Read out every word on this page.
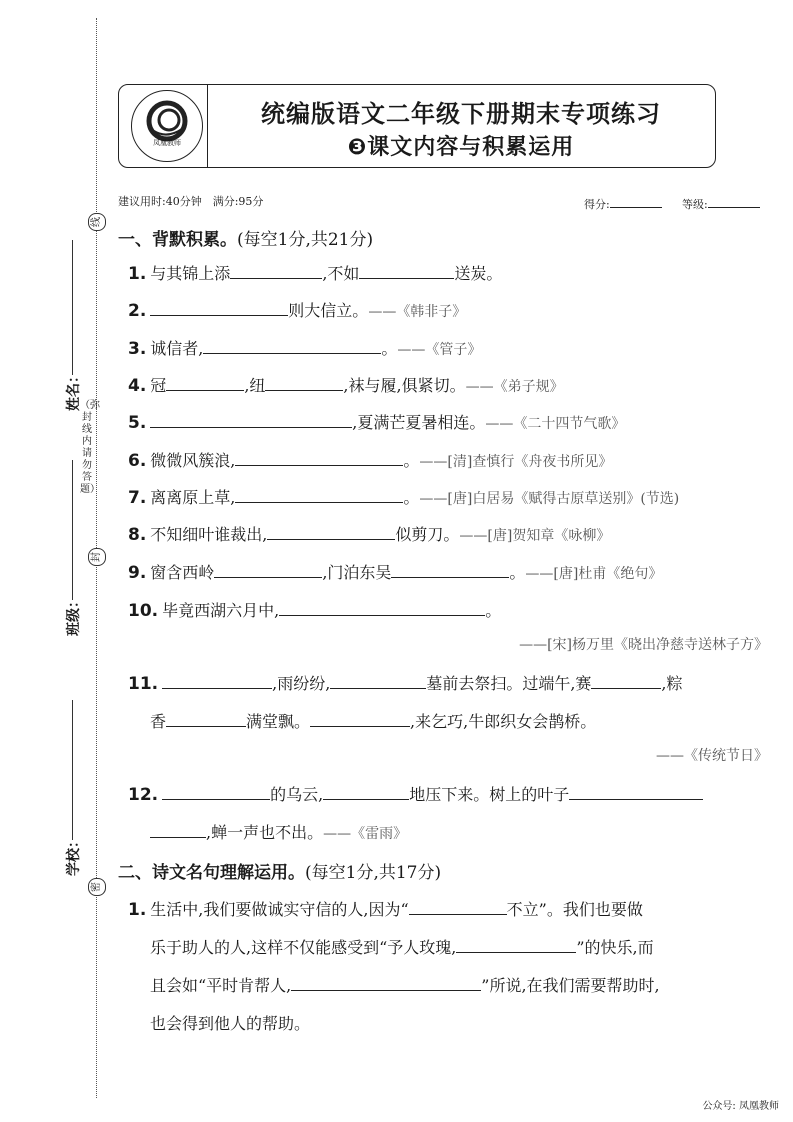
线
封
密
（弥封线内请勿答题）
姓名：
班级：
学校：
凤凰教师
统编版语文二年级下册期末专项练习
❸课文内容与积累运用
建议用时:40分钟　满分:95分	得分:	等级:
一、背默积累。(每空1分,共21分)
1. 与其锦上添	,不如	送炭。
2.	则大信立。——《韩非子》
3. 诚信者,	。——《管子》
4. 冠	,纽	,袜与履,俱紧切。——《弟子规》
5.	,夏满芒夏暑相连。——《二十四节气歌》
6. 微微风簇浪,	。——[清]查慎行《舟夜书所见》
7. 离离原上草,	。——[唐]白居易《赋得古原草送别》(节选)
8. 不知细叶谁裁出,	似剪刀。——[唐]贺知章《咏柳》
9. 窗含西岭	,门泊东吴	。——[唐]杜甫《绝句》
10. 毕竟西湖六月中,	。
——[宋]杨万里《晓出净慈寺送林子方》
11.	,雨纷纷,	墓前去祭扫。过端午,赛	,粽
香	满堂飘。	,来乞巧,牛郎织女会鹊桥。
——《传统节日》
12.	的乌云,	地压下来。树上的叶子
,蝉一声也不出。——《雷雨》
二、诗文名句理解运用。(每空1分,共17分)
1. 生活中,我们要做诚实守信的人,因为“	不立”。我们也要做
乐于助人的人,这样不仅能感受到“予人玫瑰,	”的快乐,而
且会如“平时肯帮人,	”所说,在我们需要帮助时,
也会得到他人的帮助。
公众号: 凤凰教师
